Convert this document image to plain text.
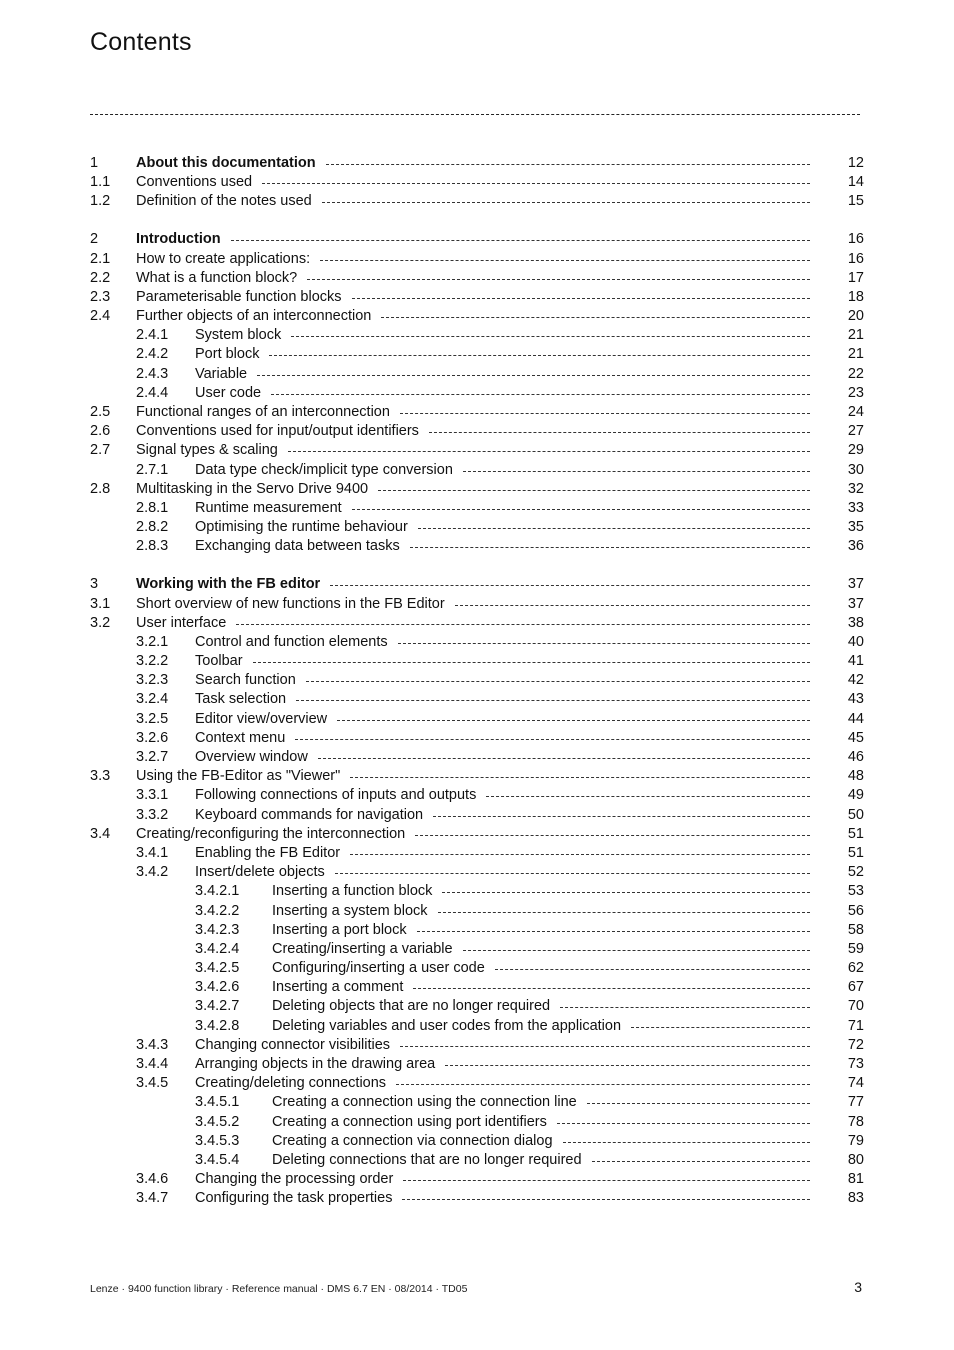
Contents
1	About this documentation	12
1.1 Conventions used	14
1.2 Definition of the notes used	15
2	Introduction	16
2.1 How to create applications:	16
2.2 What is a function block?	17
2.3 Parameterisable function blocks	18
2.4 Further objects of an interconnection	20
2.4.1 System block	21
2.4.2 Port block	21
2.4.3 Variable	22
2.4.4 User code	23
2.5 Functional ranges of an interconnection	24
2.6 Conventions used for input/output identifiers	27
2.7 Signal types & scaling	29
2.7.1 Data type check/implicit type conversion	30
2.8 Multitasking in the Servo Drive 9400	32
2.8.1 Runtime measurement	33
2.8.2 Optimising the runtime behaviour	35
2.8.3 Exchanging data between tasks	36
3	Working with the FB editor	37
3.1 Short overview of new functions in the FB Editor	37
3.2 User interface	38
3.2.1 Control and function elements	40
3.2.2 Toolbar	41
3.2.3 Search function	42
3.2.4 Task selection	43
3.2.5 Editor view/overview	44
3.2.6 Context menu	45
3.2.7 Overview window	46
3.3 Using the FB-Editor as "Viewer"	48
3.3.1 Following connections of inputs and outputs	49
3.3.2 Keyboard commands for navigation	50
3.4 Creating/reconfiguring the interconnection	51
3.4.1 Enabling the FB Editor	51
3.4.2 Insert/delete objects	52
3.4.2.1 Inserting a function block	53
3.4.2.2 Inserting a system block	56
3.4.2.3 Inserting a port block	58
3.4.2.4 Creating/inserting a variable	59
3.4.2.5 Configuring/inserting a user code	62
3.4.2.6 Inserting a comment	67
3.4.2.7 Deleting objects that are no longer required	70
3.4.2.8 Deleting variables and user codes from the application	71
3.4.3 Changing connector visibilities	72
3.4.4 Arranging objects in the drawing area	73
3.4.5 Creating/deleting connections	74
3.4.5.1 Creating a connection using the connection line	77
3.4.5.2 Creating a connection using port identifiers	78
3.4.5.3 Creating a connection via connection dialog	79
3.4.5.4 Deleting connections that are no longer required	80
3.4.6 Changing the processing order	81
3.4.7 Configuring the task properties	83
Lenze · 9400 function library · Reference manual · DMS 6.7 EN · 08/2014 · TD05	3
